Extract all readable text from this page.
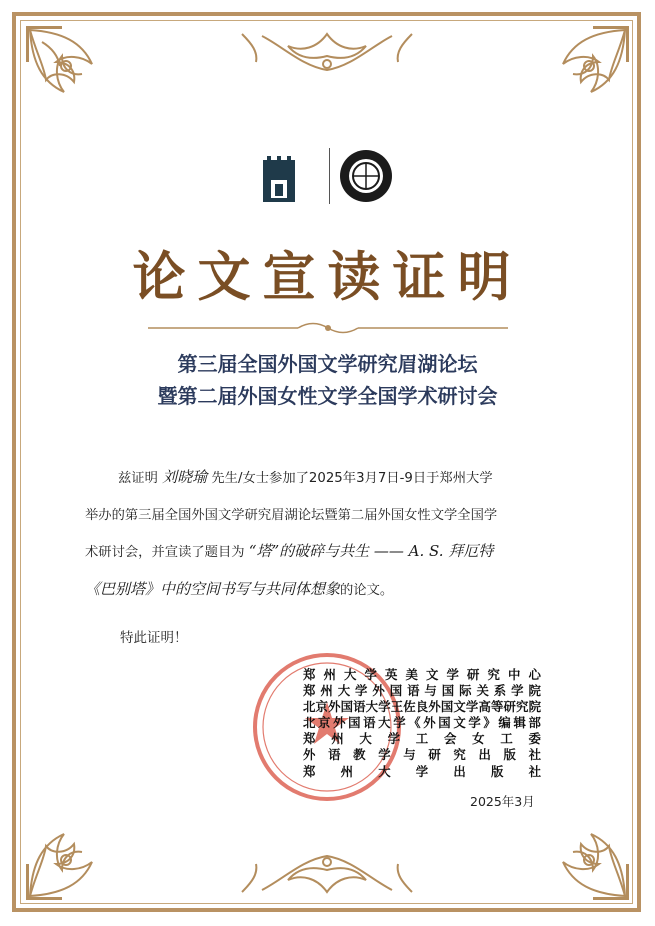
论文宣读证明
第三届全国外国文学研究眉湖论坛
暨第二届外国女性文学全国学术研讨会
兹证明 刘晓瑜 先生/女士参加了2025年3月7日-9日于郑州大学
举办的第三届全国外国文学研究眉湖论坛暨第二届外国女性文学全国学
术研讨会，并宣读了题目为 “塔”的破碎与共生 —— A. S. 拜厄特
《巴别塔》中的空间书写与共同体想象的论文。
特此证明！
郑 州 大 学 英 美 文 学 研 究 中 心
郑 州 大 学 外 国 语 与 国 际 关 系 学 院
北 京 外 国 语 大 学 王 佐 良 外 国 文 学 高 等 研 究 院
北 京 外 国 语 大 学 《 外 国 文 学 》 编 辑 部
郑 州 大 学 工 会 女 工 委
外 语 教 学 与 研 究 出 版 社
郑 州 大 学 出 版 社
2025年3月
